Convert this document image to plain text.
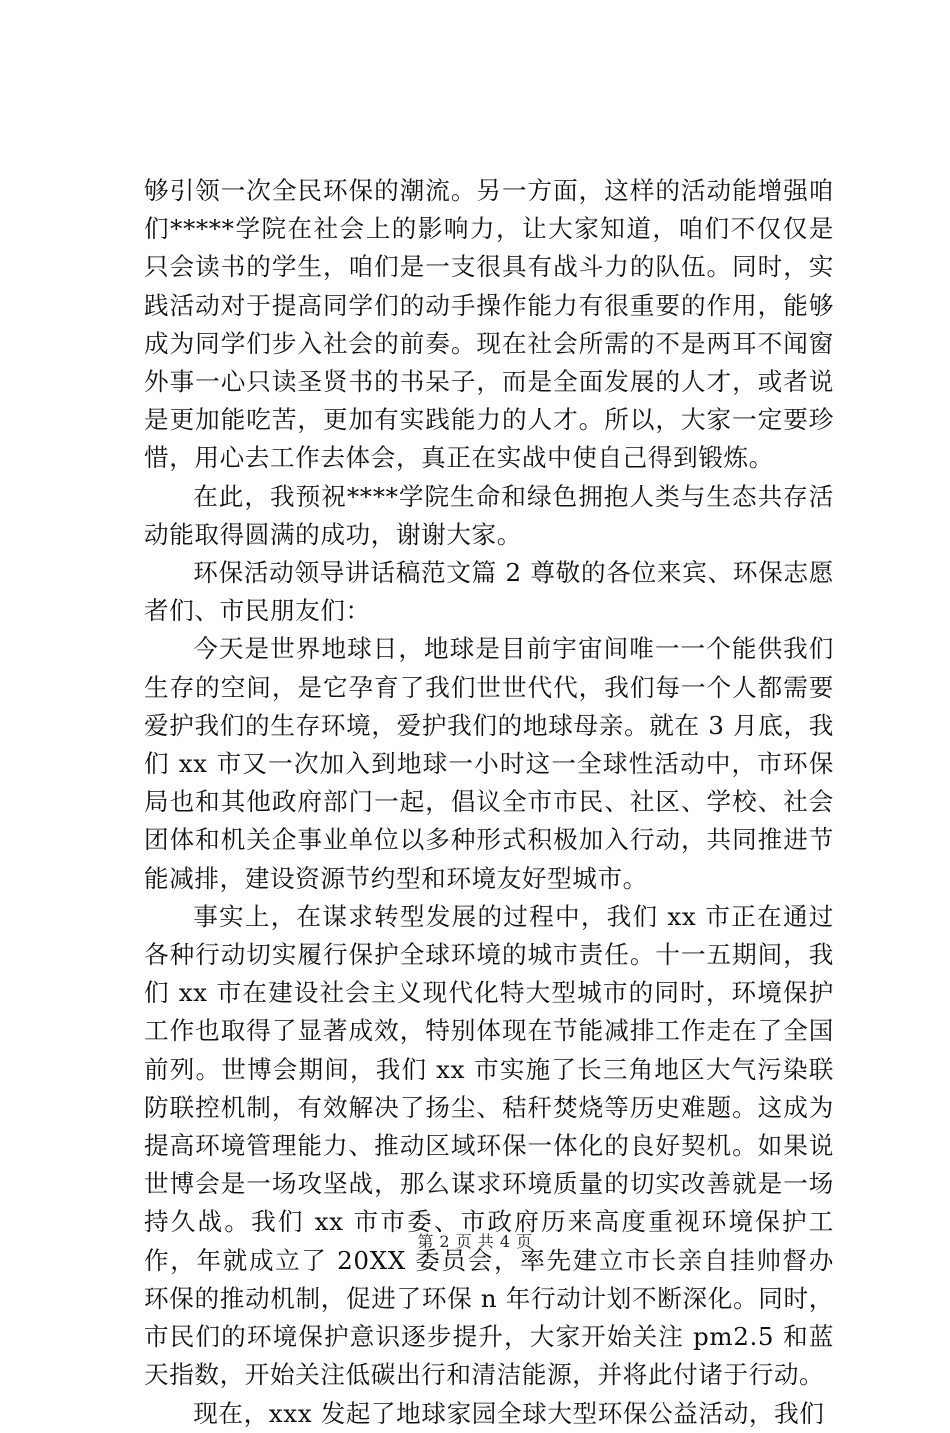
够引领一次全民环保的潮流。另一方面，这样的活动能增强咱们*****学院在社会上的影响力，让大家知道，咱们不仅仅是只会读书的学生，咱们是一支很具有战斗力的队伍。同时，实践活动对于提高同学们的动手操作能力有很重要的作用，能够成为同学们步入社会的前奏。现在社会所需的不是两耳不闻窗外事一心只读圣贤书的书呆子，而是全面发展的人才，或者说是更加能吃苦，更加有实践能力的人才。所以，大家一定要珍惜，用心去工作去体会，真正在实战中使自己得到锻炼。

在此，我预祝****学院生命和绿色拥抱人类与生态共存活动能取得圆满的成功，谢谢大家。

环保活动领导讲话稿范文篇 2 尊敬的各位来宾、环保志愿者们、市民朋友们：

今天是世界地球日，地球是目前宇宙间唯一一个能供我们生存的空间，是它孕育了我们世世代代，我们每一个人都需要爱护我们的生存环境，爱护我们的地球母亲。就在 3 月底，我们 xx 市又一次加入到地球一小时这一全球性活动中，市环保局也和其他政府部门一起，倡议全市市民、社区、学校、社会团体和机关企事业单位以多种形式积极加入行动，共同推进节能减排，建设资源节约型和环境友好型城市。

事实上，在谋求转型发展的过程中，我们 xx 市正在通过各种行动切实履行保护全球环境的城市责任。十一五期间，我们 xx 市在建设社会主义现代化特大型城市的同时，环境保护工作也取得了显著成效，特别体现在节能减排工作走在了全国前列。世博会期间，我们 xx 市实施了长三角地区大气污染联防联控机制，有效解决了扬尘、秸秆焚烧等历史难题。这成为提高环境管理能力、推动区域环保一体化的良好契机。如果说世博会是一场攻坚战，那么谋求环境质量的切实改善就是一场持久战。我们 xx 市市委、市政府历来高度重视环境保护工作，年就成立了 20XX 委员会，率先建立市长亲自挂帅督办环保的推动机制，促进了环保 n 年行动计划不断深化。同时，市民们的环境保护意识逐步提升，大家开始关注 pm2.5 和蓝天指数，开始关注低碳出行和清洁能源，并将此付诸于行动。

现在，xxx 发起了地球家园全球大型环保公益活动，我们

第 2 页 共 4 页
